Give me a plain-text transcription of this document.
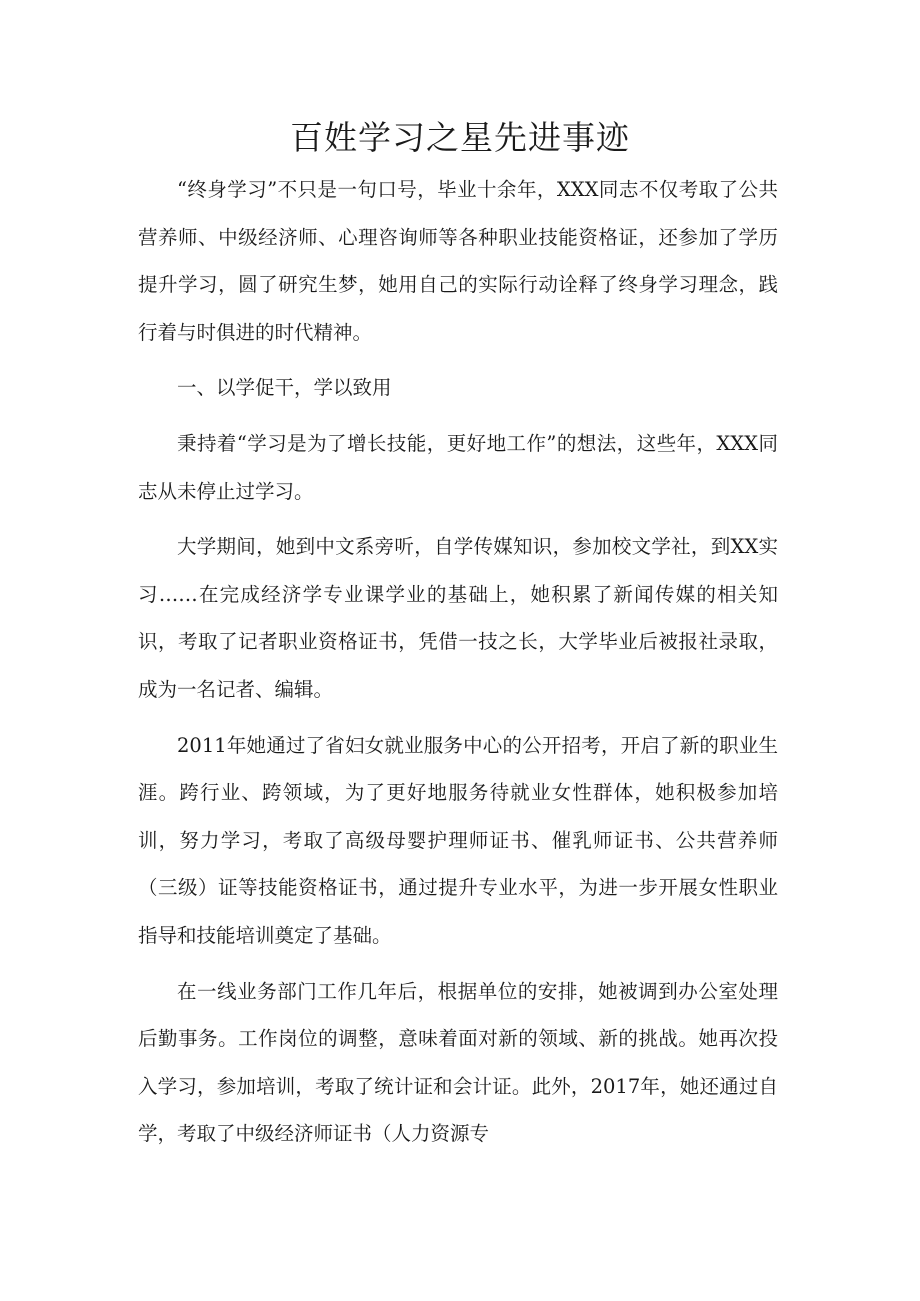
百姓学习之星先进事迹

“终身学习”不只是一句口号，毕业十余年，XXX同志不仅考取了公共营养师、中级经济师、心理咨询师等各种职业技能资格证，还参加了学历提升学习，圆了研究生梦，她用自己的实际行动诠释了终身学习理念，践行着与时俱进的时代精神。

一、以学促干，学以致用

秉持着“学习是为了增长技能，更好地工作”的想法，这些年，XXX同志从未停止过学习。

大学期间，她到中文系旁听，自学传媒知识，参加校文学社，到XX实习……在完成经济学专业课学业的基础上，她积累了新闻传媒的相关知识，考取了记者职业资格证书，凭借一技之长，大学毕业后被报社录取，成为一名记者、编辑。

2011年她通过了省妇女就业服务中心的公开招考，开启了新的职业生涯。跨行业、跨领域，为了更好地服务待就业女性群体，她积极参加培训，努力学习，考取了高级母婴护理师证书、催乳师证书、公共营养师（三级）证等技能资格证书，通过提升专业水平，为进一步开展女性职业指导和技能培训奠定了基础。

在一线业务部门工作几年后，根据单位的安排，她被调到办公室处理后勤事务。工作岗位的调整，意味着面对新的领域、新的挑战。她再次投入学习，参加培训，考取了统计证和会计证。此外，2017年，她还通过自学，考取了中级经济师证书（人力资源专
